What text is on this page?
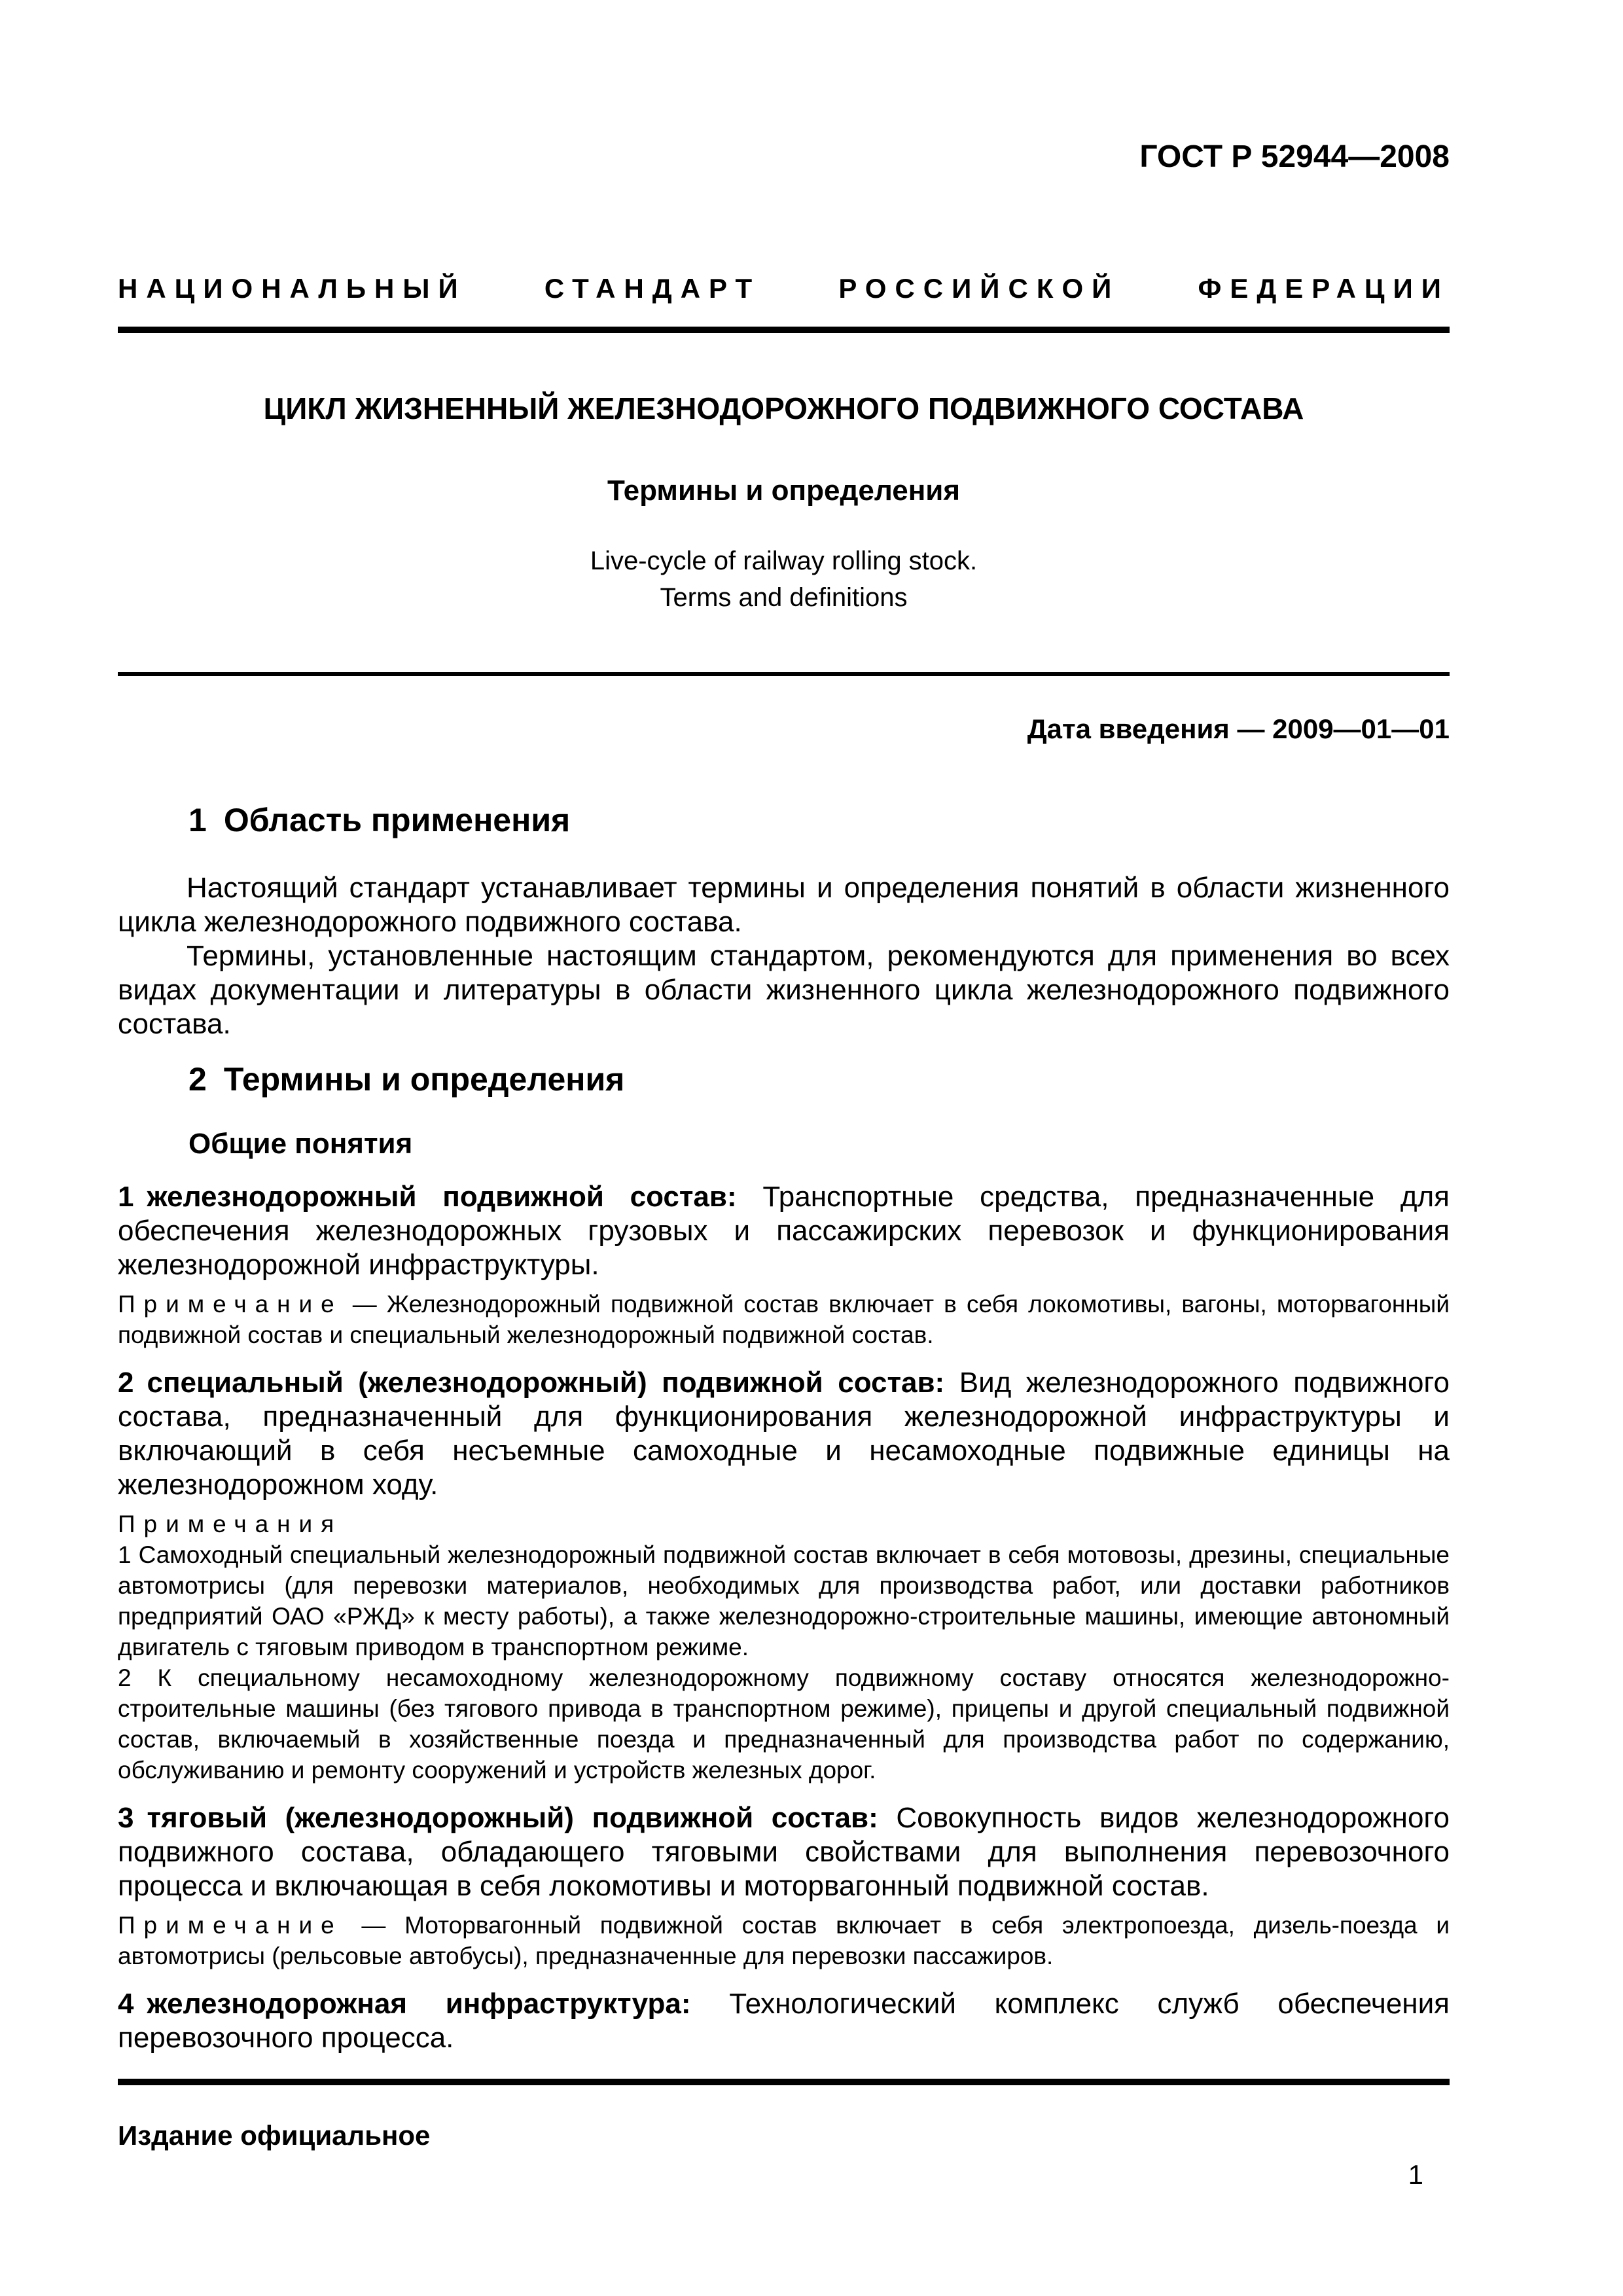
ГОСТ Р 52944—2008

НАЦИОНАЛЬНЫЙ СТАНДАРТ РОССИЙСКОЙ ФЕДЕРАЦИИ

ЦИКЛ ЖИЗНЕННЫЙ ЖЕЛЕЗНОДОРОЖНОГО ПОДВИЖНОГО СОСТАВА

Термины и определения

Live-cycle of railway rolling stock.
Terms and definitions

Дата введения — 2009—01—01

1 Область применения

Настоящий стандарт устанавливает термины и определения понятий в области жизненного цикла железнодорожного подвижного состава.

Термины, установленные настоящим стандартом, рекомендуются для применения во всех видах документации и литературы в области жизненного цикла железнодорожного подвижного состава.

2 Термины и определения

Общие понятия

1 железнодорожный подвижной состав: Транспортные средства, предназначенные для обеспечения железнодорожных грузовых и пассажирских перевозок и функционирования железнодорожной инфраструктуры.

Примечание — Железнодорожный подвижной состав включает в себя локомотивы, вагоны, моторвагонный подвижной состав и специальный железнодорожный подвижной состав.

2 специальный (железнодорожный) подвижной состав: Вид железнодорожного подвижного состава, предназначенный для функционирования железнодорожной инфраструктуры и включающий в себя несъемные самоходные и несамоходные подвижные единицы на железнодорожном ходу.

Примечания

1 Самоходный специальный железнодорожный подвижной состав включает в себя мотовозы, дрезины, специальные автомотрисы (для перевозки материалов, необходимых для производства работ, или доставки работников предприятий ОАО «РЖД» к месту работы), а также железнодорожно-строительные машины, имеющие автономный двигатель с тяговым приводом в транспортном режиме.

2 К специальному несамоходному железнодорожному подвижному составу относятся железнодорожно-строительные машины (без тягового привода в транспортном режиме), прицепы и другой специальный подвижной состав, включаемый в хозяйственные поезда и предназначенный для производства работ по содержанию, обслуживанию и ремонту сооружений и устройств железных дорог.

3 тяговый (железнодорожный) подвижной состав: Совокупность видов железнодорожного подвижного состава, обладающего тяговыми свойствами для выполнения перевозочного процесса и включающая в себя локомотивы и моторвагонный подвижной состав.

Примечание — Моторвагонный подвижной состав включает в себя электропоезда, дизель-поезда и автомотрисы (рельсовые автобусы), предназначенные для перевозки пассажиров.

4 железнодорожная инфраструктура: Технологический комплекс служб обеспечения перевозочного процесса.

Издание официальное

1
